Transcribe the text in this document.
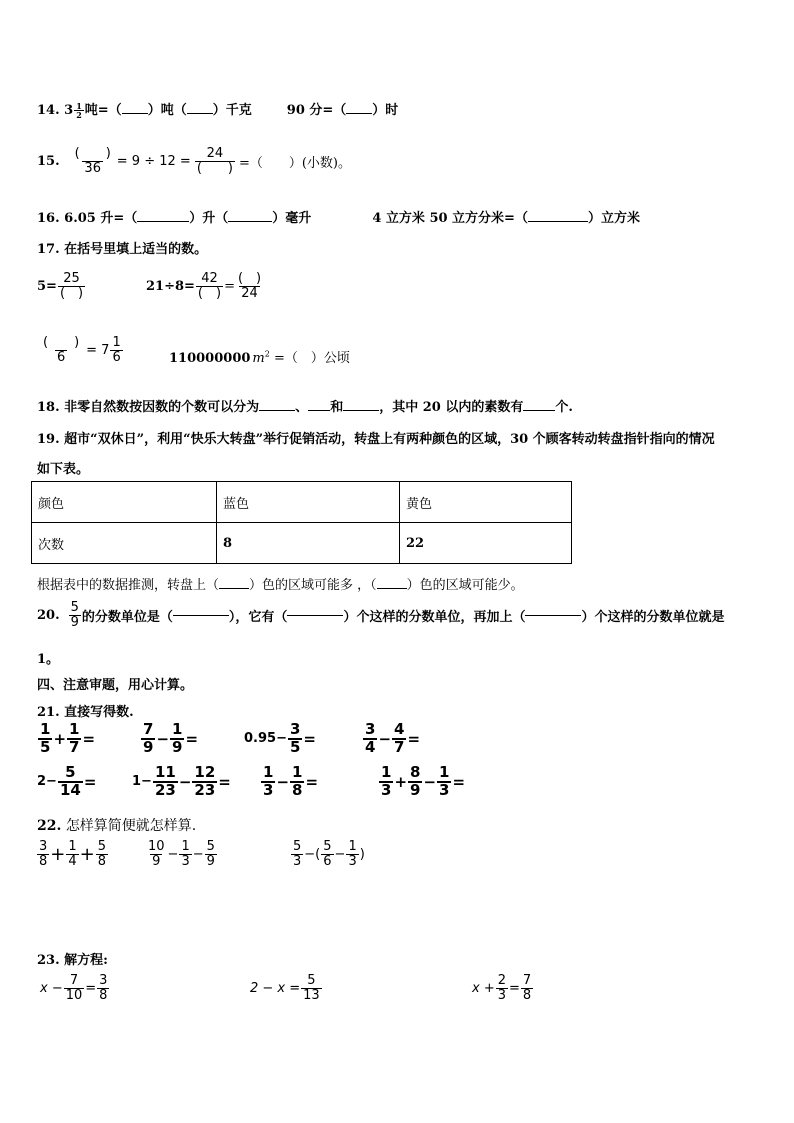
14. $3 \frac{1}{2}$ 吨=（ ）吨（ ）千克	90 分=（ ）时
15.
(　　)
36 = 9 ÷ 12 =
24
(　　) =（　　）(小数)。
16. 6.05 升=（	）升（	）毫升	4 立方米 50 立方分米=（	）立方米
17. 在括号里填上适当的数。
5=
25
(　)	21÷8=
42
(　) =
(　)
24
(　　)
6 = 7
1
6	110000000 $m^2$ =（　）公顷
18. 非零自然数按因数的个数可以分为	、 和	，其中 20 以内的素数有 个.
19. 超市“双休日”，利用“快乐大转盘”举行促销活动，转盘上有两种颜色的区域，30 个顾客转动转盘指针指向的情况
如下表。
颜色	蓝色	黄色
次数	8	22
根据表中的数据推测，转盘上（ ）色的区域可能多 ，（ ）色的区域可能少。
20.
5
9 的分数单位是（	），它有（	）个这样的分数单位，再加上（	）个这样的分数单位就是
1。
四、注意审题，用心计算。
21. 直接写得数.
1
$5 + \frac{1}{7}$ =
7
$9 - \frac{1}{9}$ =	$0.95- \frac{3}{5}$ =
3
$4 - \frac{4}{7}$ =
$2- \frac{5}{14}$ =	$1- \frac{11}{23} - \frac{12}{23}$ =
1
$3 - \frac{1}{8}$ =
1
$3 + \frac{8}{9} - \frac{1}{3}$ =
22. 怎样算简便就怎样算.
3
$8 + \frac{1}{4} + \frac{5}{8}$	10
$9 - \frac{1}{3} - \frac{5}{9}$	5
3 −(
5
$6 - \frac{1}{3}$ )
23. 解方程:
$x - \frac{7}{10} = \frac{3}{8}$	$2 - x = \frac{5}{13}$	$x + \frac{2}{3} = \frac{7}{8}$
